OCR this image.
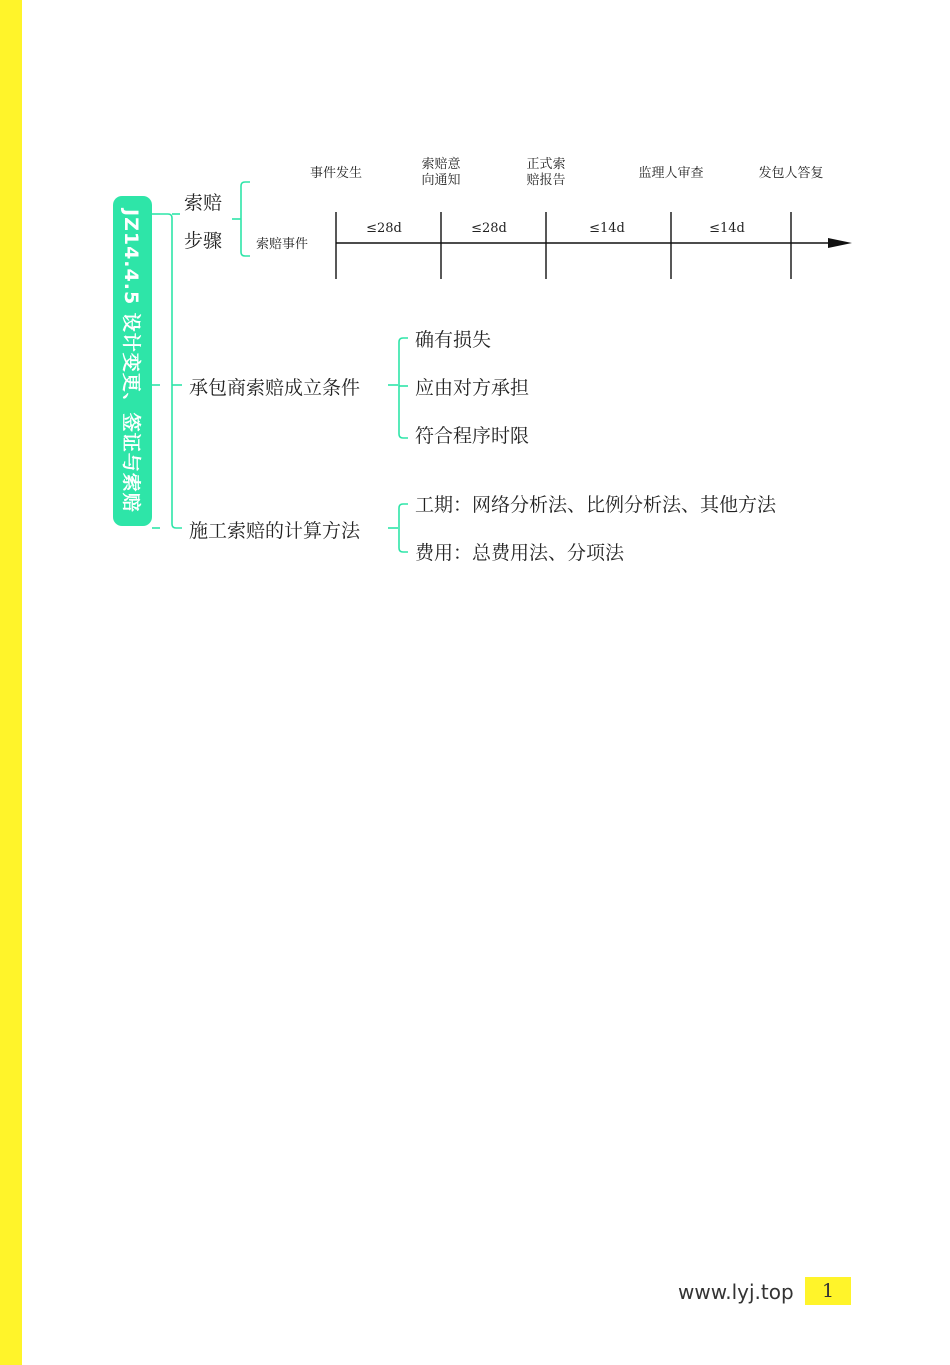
JZ14.4.5 设计变更、签证与索赔
索赔
步骤	索赔事件
事件发生
索赔意
向通知
正式索
赔报告	监理人审查	发包人答复
≤28d	≤28d	≤14d	≤14d
承包商索赔成立条件
确有损失
应由对方承担
符合程序时限
施工索赔的计算方法
工期：网络分析法、比例分析法、其他方法
费用：总费用法、分项法
www.lyj.top	1
